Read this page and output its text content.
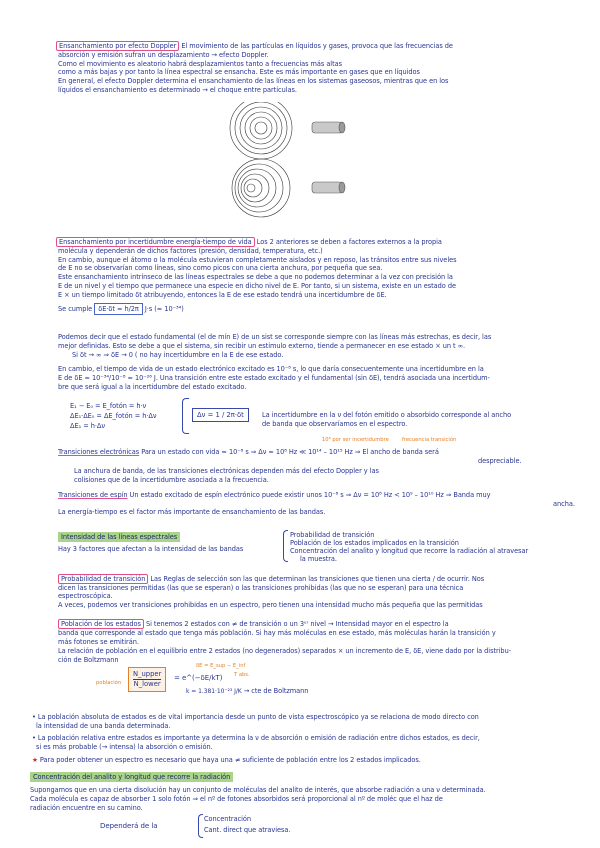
Ensanchamiento por efecto Doppler El movimiento de las partículas en líquidos y gases, provoca que las frecuencias de
absorción y emisión sufran un desplazamiento → efecto Doppler.
Como el movimiento es aleatorio habrá desplazamientos tanto a frecuencias más altas
como a más bajas y por tanto la línea espectral se ensancha. Este es más importante en gases que en líquidos
En general, el efecto Doppler determina el ensanchamiento de las líneas en los sistemas gaseosos, mientras que en los
líquidos el ensanchamiento es determinado → el choque entre partículas.
Ensanchamiento por incertidumbre energía-tiempo de vida Los 2 anteriores se deben a factores externos a la propia
molécula y dependerán de dichos factores (presión, densidad, temperatura, etc.)
En cambio, aunque el átomo o la molécula estuvieran completamente aislados y en reposo, las tránsitos entre sus niveles
de E no se observarían como líneas, sino como picos con una cierta anchura, por pequeña que sea.
Este ensanchamiento intrínseco de las líneas espectrales se debe a que no podemos determinar a la vez con precisión la
E de un nivel y el tiempo que permanece una especie en dicho nivel de E. Por tanto, si un sistema, existe en un estado de
E × un tiempo limitado δt atribuyendo, entonces la E de ese estado tendrá una incertidumbre de δE.
Se cumple δE·δt ≈ h/2π J·s (≈ 10⁻³⁴)
Podemos decir que el estado fundamental (el de mín E) de un sist se corresponde siempre con las líneas más estrechas, es decir, las
mejor definidas. Esto se debe a que el sistema, sin recibir un estímulo externo, tiende a permanecer en ese estado × un t ∞.
Si δt → ∞ ⇒ δE → 0 ( no hay incertidumbre en la E de ese estado.
En cambio, el tiempo de vida de un estado electrónico excitado es 10⁻⁸ s, lo que daría consecuentemente una incertidumbre en la
E de δE ≈ 10⁻³⁴/10⁻⁸ ≈ 10⁻²⁶ J. Una transición entre este estado excitado y el fundamental (sin δE), tendrá asociada una incertidum-
bre que será igual a la incertidumbre del estado excitado.
E₁ − E₀ = E_fotón = h·ν
ΔE₁·ΔE₀ = ΔE_fotón = h·Δν
ΔE₁ = h·Δν
Δν = 1 / 2π·δt	La incertidumbre en la ν del fotón emitido o absorbido corresponde al ancho
de banda que observaríamos en el espectro.
10⁸ por ser incertidumbre	frecuencia transición
Transiciones electrónicas Para un estado con vida ≈ 10⁻⁸ s ⇒ Δν ≈ 10⁸ Hz ≪ 10¹⁴ – 10¹⁵ Hz ⇒ El ancho de banda será
despreciable.
La anchura de banda, de las transiciones electrónicas dependen más del efecto Doppler y las
colisiones que de la incertidumbre asociada a la frecuencia.
Transiciones de espín Un estado excitado de espín electrónico puede existir unos 10⁻⁸ s ⇒ Δν = 10⁸ Hz < 10⁹ – 10¹⁰ Hz ⇒ Banda muy
ancha.
La energía-tiempo es el factor más importante de ensanchamiento de las bandas.
Intensidad de las líneas espectrales
Hay 3 factores que afectan a la intensidad de las bandas
Probabilidad de transición
Población de los estados implicados en la transición
Concentración del analito y longitud que recorre la radiación al atravesar
la muestra.
Probabilidad de transición Las Reglas de selección son las que determinan las transiciones que tienen una cierta / de ocurrir. Nos
dicen las transiciones permitidas (las que se esperan) o las transiciones prohibidas (las que no se esperan) para una técnica
espectroscópica.
A veces, podemos ver transiciones prohibidas en un espectro, pero tienen una intensidad mucho más pequeña que las permitidas
Población de los estados Si tenemos 2 estados con ≠ de transición o un 3ᵉʳ nivel → Intensidad mayor en el espectro la
banda que corresponde al estado que tenga más población. Si hay más moléculas en ese estado, más moléculas harán la transición y
más fotones se emitirán.
La relación de población en el equilibrio entre 2 estados (no degenerados) separados × un incremento de E, δE, viene dado por la distribu-
ción de Boltzmann
δE = E_sup − E_inf
población
N_upper
N_lower
= e^(−δE/kT) T abs.
k = 1.381·10⁻²³ J/K → cte de Boltzmann
• La población absoluta de estados es de vital importancia desde un punto de vista espectroscópico ya se relaciona de modo directo con
la intensidad de una banda determinada.
• La población relativa entre estados es importante ya determina la ν de absorción o emisión de radiación entre dichos estados, es decir,
si es más probable (→ intensa) la absorción o emisión.
★ Para poder obtener un espectro es necesario que haya una ≠ suficiente de población entre los 2 estados implicados.
Concentración del analito y longitud que recorre la radiación
Supongamos que en una cierta disolución hay un conjunto de moléculas del analito de interés, que absorbe radiación a una ν determinada.
Cada molécula es capaz de absorber 1 solo fotón ⇒ el nº de fotones absorbidos será proporcional al nº de moléc que el haz de
radiación encuentre en su camino.
Dependerá de la
Concentración
Cant. direct que atraviesa.
